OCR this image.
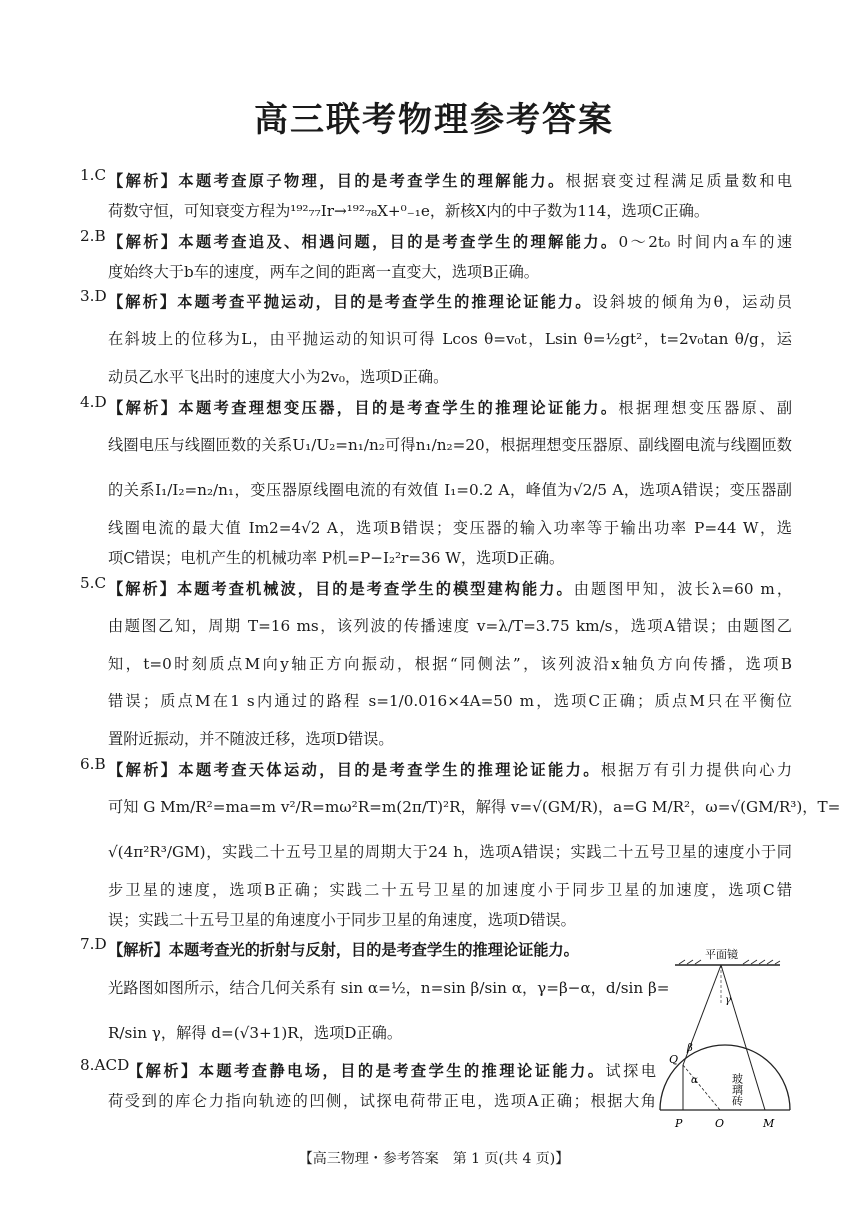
高三联考物理参考答案
1.C 【解析】本题考查原子物理，目的是考查学生的理解能力。根据衰变过程满足质量数和电
荷数守恒，可知衰变方程为¹⁹²₇₇Ir→¹⁹²₇₈X+⁰₋₁e，新核X内的中子数为114，选项C正确。
2.B 【解析】本题考查追及、相遇问题，目的是考查学生的理解能力。0～2t₀ 时间内a车的速
度始终大于b车的速度，两车之间的距离一直变大，选项B正确。
3.D 【解析】本题考查平抛运动，目的是考查学生的推理论证能力。设斜坡的倾角为θ，运动员
在斜坡上的位移为L，由平抛运动的知识可得 Lcos θ=v₀t，Lsin θ=½gt²，t=2v₀tan θ/g，运
动员乙水平飞出时的速度大小为2v₀，选项D正确。
4.D 【解析】本题考查理想变压器，目的是考查学生的推理论证能力。根据理想变压器原、副
线圈电压与线圈匝数的关系U₁/U₂=n₁/n₂可得n₁/n₂=20，根据理想变压器原、副线圈电流与线圈匝数
的关系I₁/I₂=n₂/n₁，变压器原线圈电流的有效值 I₁=0.2 A，峰值为√2/5 A，选项A错误；变压器副
线圈电流的最大值 Im2=4√2 A，选项B错误；变压器的输入功率等于输出功率 P=44 W，选
项C错误；电机产生的机械功率 P机=P−I₂²r=36 W，选项D正确。
5.C 【解析】本题考查机械波，目的是考查学生的模型建构能力。由题图甲知，波长λ=60 m，
由题图乙知，周期 T=16 ms，该列波的传播速度 v=λ/T=3.75 km/s，选项A错误；由题图乙
知，t=0时刻质点M向y轴正方向振动，根据“同侧法”，该列波沿x轴负方向传播，选项B
错误；质点M在1 s内通过的路程 s=1/0.016×4A=50 m，选项C正确；质点M只在平衡位
置附近振动，并不随波迁移，选项D错误。
6.B 【解析】本题考查天体运动，目的是考查学生的推理论证能力。根据万有引力提供向心力
可知 G Mm/R²=ma=m v²/R=mω²R=m(2π/T)²R，解得 v=√(GM/R)，a=G M/R²，ω=√(GM/R³)，T=
√(4π²R³/GM)，实践二十五号卫星的周期大于24 h，选项A错误；实践二十五号卫星的速度小于同
步卫星的速度，选项B正确；实践二十五号卫星的加速度小于同步卫星的加速度，选项C错
误；实践二十五号卫星的角速度小于同步卫星的角速度，选项D错误。
7.D 【解析】本题考查光的折射与反射，目的是考查学生的推理论证能力。
光路图如图所示，结合几何关系有 sin α=½，n=sin β/sin α，γ=β−α，d/sin β=
R/sin γ，解得 d=(√3+1)R，选项D正确。
8.ACD
【解析】本题考查静电场，目的是考查学生的推理论证能力。试探电
荷受到的库仑力指向轨迹的凹侧，试探电荷带正电，选项A正确；根据大角
平面镜
β
γ
Q
α	玻璃砖
P	O	M
【高三物理・参考答案　第 1 页(共 4 页)】
